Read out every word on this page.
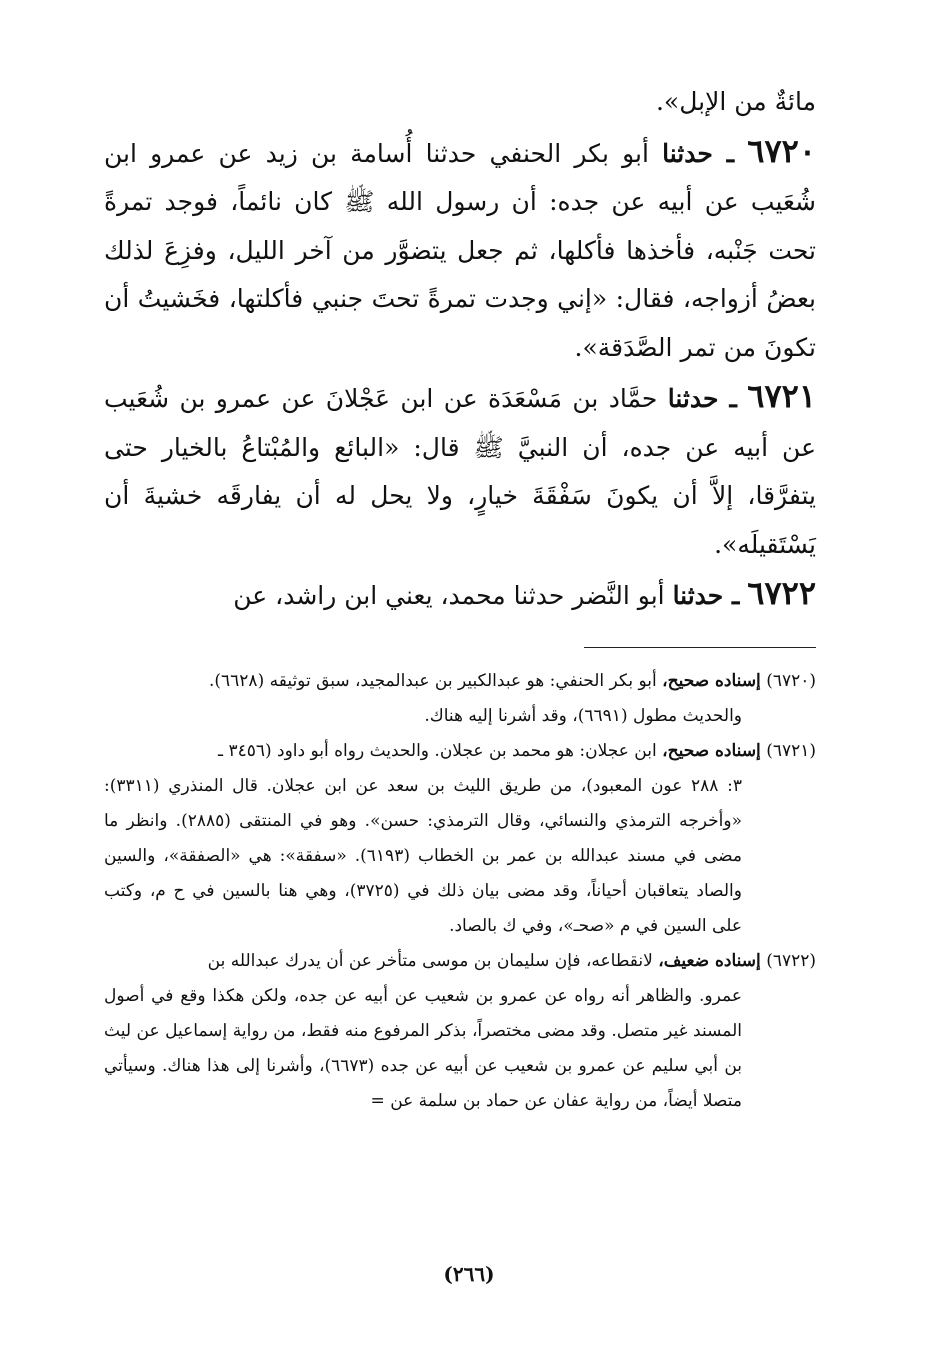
مائةٌ من الإبل».

٦٧٢٠ ـ حدثنا أبو بكر الحنفي حدثنا أُسامة بن زيد عن عمرو ابن شُعَيب عن أبيه عن جده: أن رسول الله ﷺ كان نائماً، فوجد تمرةً تحت جَنْبه، فأخذها فأكلها، ثم جعل يتضوَّر من آخر الليل، وفزِعَ لذلك بعضُ أزواجه، فقال: «إني وجدت تمرةً تحتَ جنبي فأكلتها، فخَشيتُ أن تكونَ من تمر الصَّدَقة».

٦٧٢١ ـ حدثنا حمَّاد بن مَسْعَدَة عن ابن عَجْلانَ عن عمرو بن شُعَيب عن أبيه عن جده، أن النبيَّ ﷺ قال: «البائع والمُبْتاعُ بالخيار حتى يتفرَّقا، إلاَّ أن يكونَ سَفْقَةَ خيارٍ، ولا يحل له أن يفارقَه خشيةَ أن يَسْتَقيلَه».

٦٧٢٢ ـ حدثنا أبو النَّضر حدثنا محمد، يعني ابن راشد، عن

(٦٧٢٠) إسناده صحيح، أبو بكر الحنفي: هو عبدالكبير بن عبدالمجيد، سبق توثيقه (٦٦٢٨).
والحديث مطول (٦٦٩١)، وقد أشرنا إليه هناك.

(٦٧٢١) إسناده صحيح، ابن عجلان: هو محمد بن عجلان. والحديث رواه أبو داود (٣٤٥٦ ـ
٣: ٢٨٨ عون المعبود)، من طريق الليث بن سعد عن ابن عجلان. قال المنذري (٣٣١١): «وأخرجه الترمذي والنسائي، وقال الترمذي: حسن». وهو في المنتقى (٢٨٨٥). وانظر ما مضى في مسند عبدالله بن عمر بن الخطاب (٦١٩٣). «سفقة»: هي «الصفقة»، والسين والصاد يتعاقبان أحياناً، وقد مضى بيان ذلك في (٣٧٢٥)، وهي هنا بالسين في ح م، وكتب على السين في م «صحـ»، وفي ك بالصاد.

(٦٧٢٢) إسناده ضعيف، لانقطاعه، فإن سليمان بن موسى متأخر عن أن يدرك عبدالله بن
عمرو. والظاهر أنه رواه عن عمرو بن شعيب عن أبيه عن جده، ولكن هكذا وقع في أصول المسند غير متصل. وقد مضى مختصراً، بذكر المرفوع منه فقط، من رواية إسماعيل عن ليث بن أبي سليم عن عمرو بن شعيب عن أبيه عن جده (٦٦٧٣)، وأشرنا إلى هذا هناك. وسيأتي متصلا أيضاً، من رواية عفان عن حماد بن سلمة عن =

(٢٦٦)
